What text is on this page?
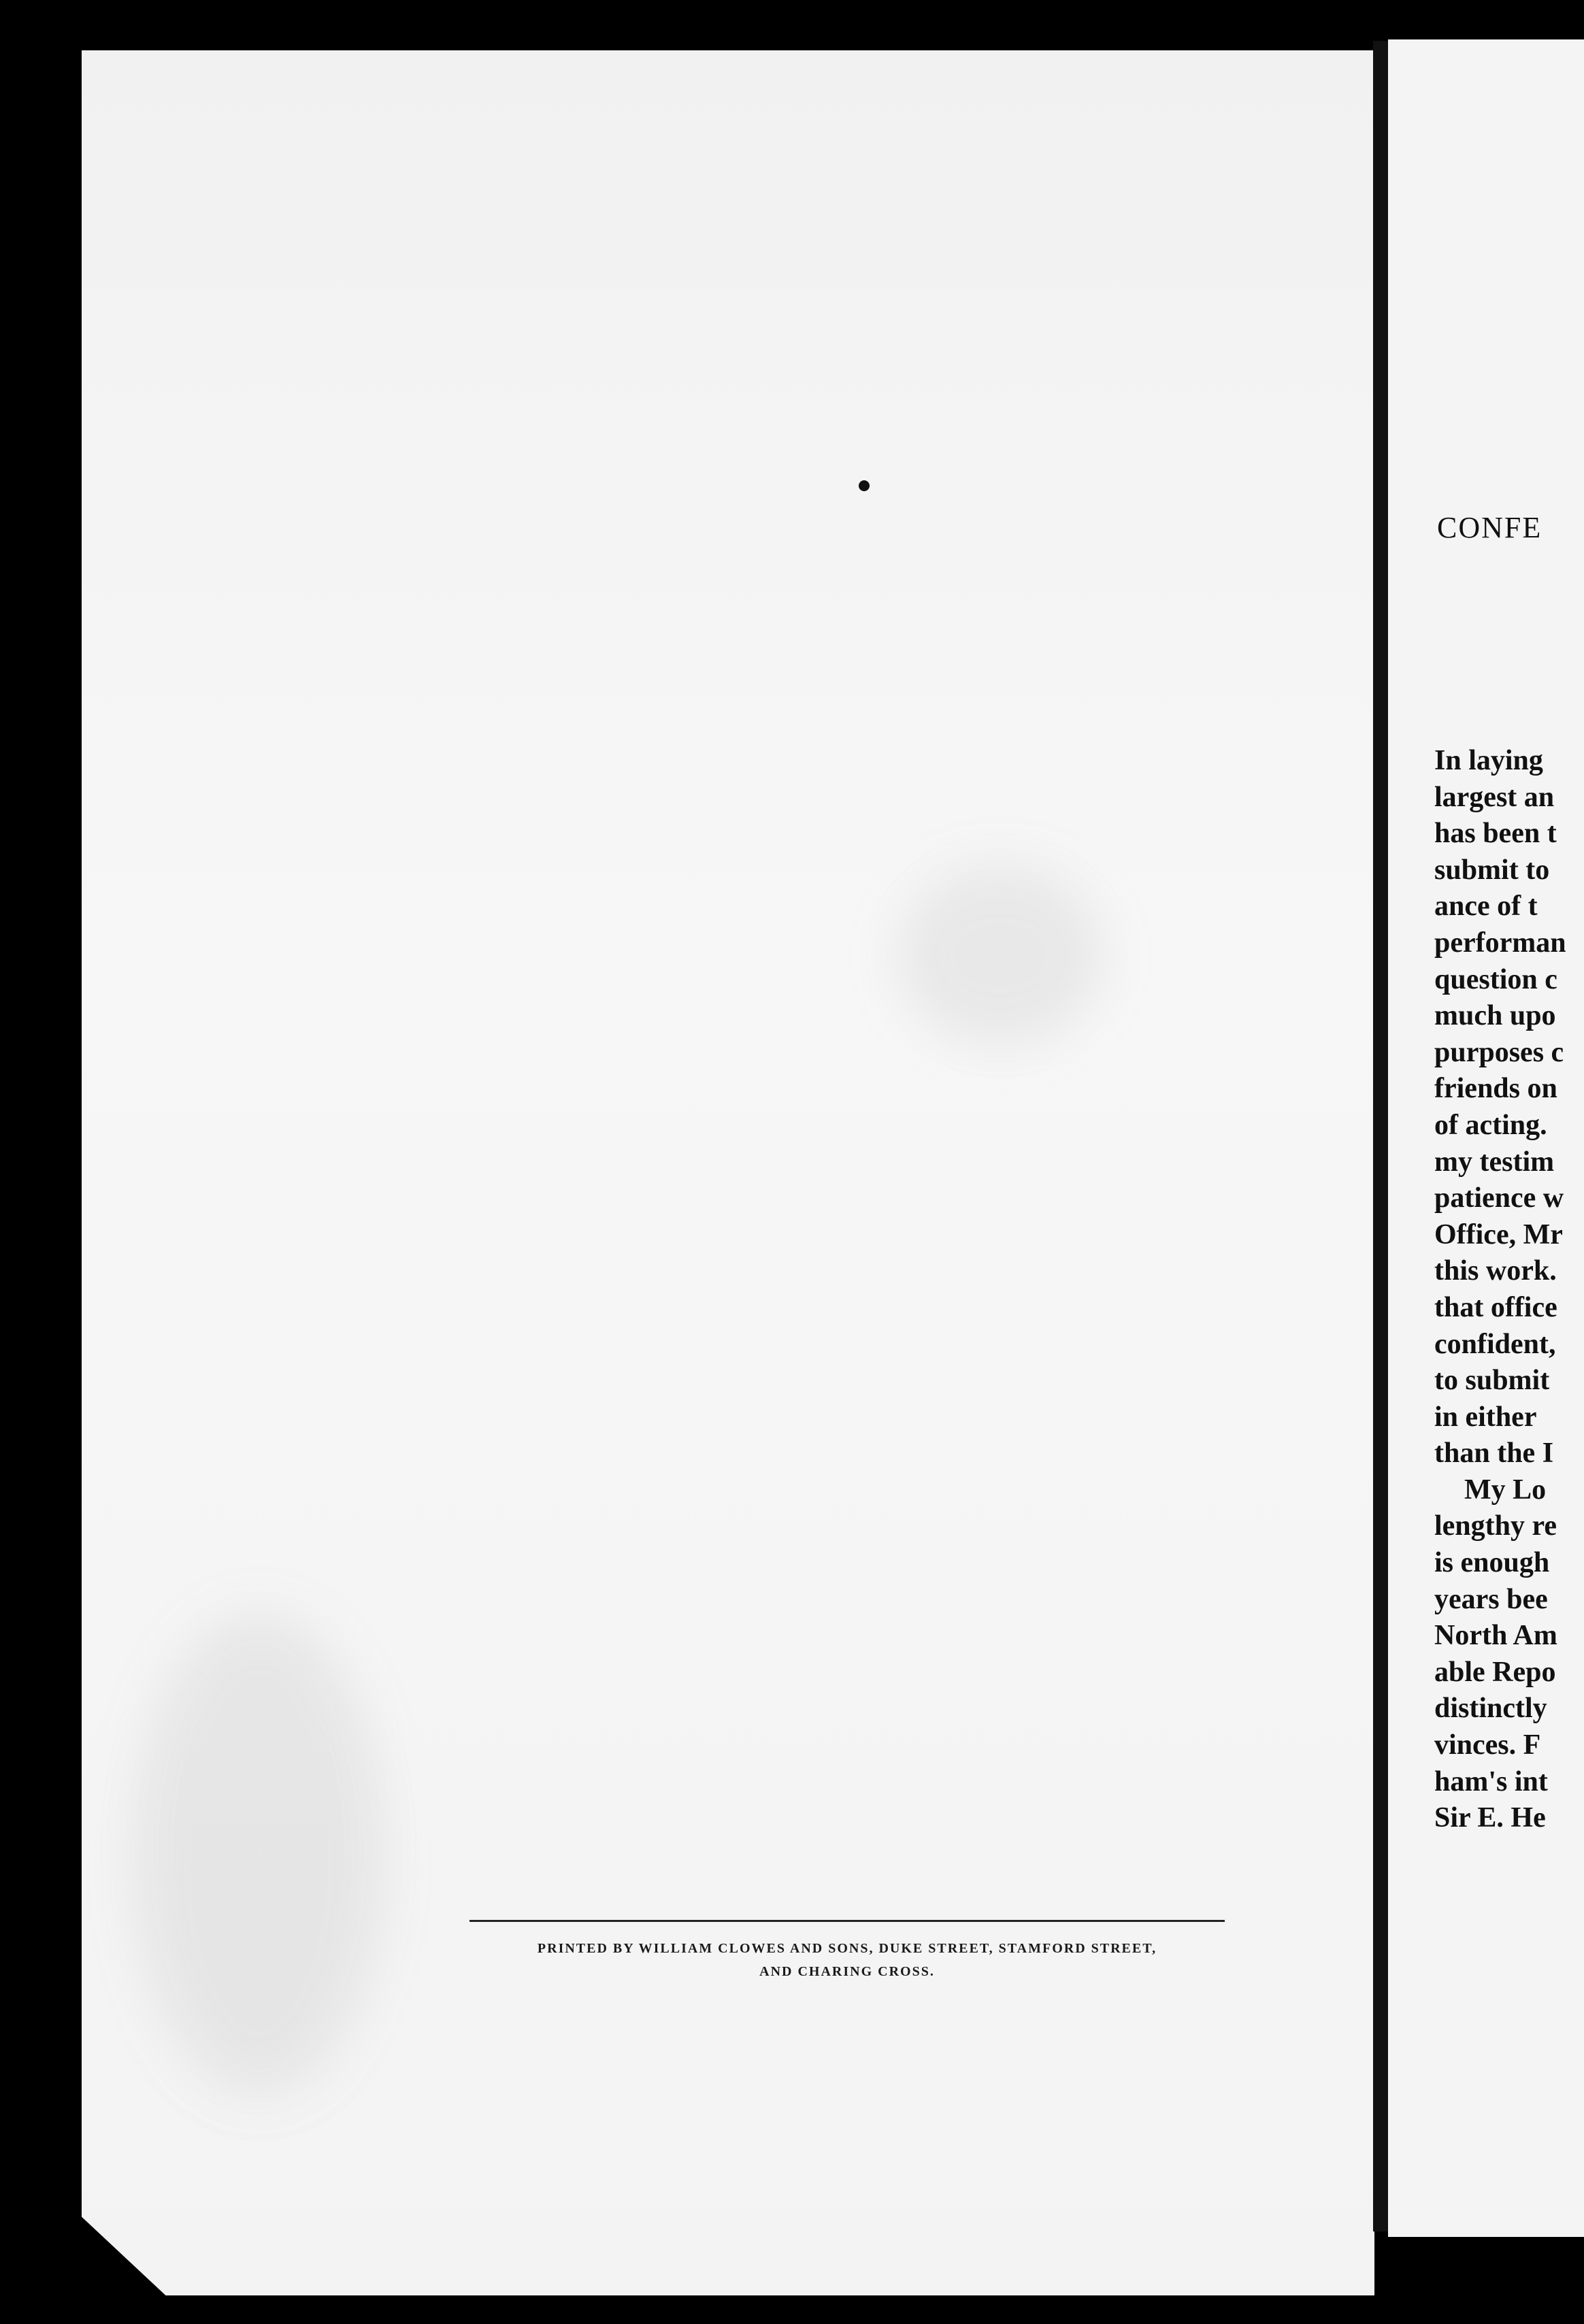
PRINTED BY WILLIAM CLOWES AND SONS, DUKE STREET, STAMFORD STREET,
AND CHARING CROSS.
CONFE
In laying
largest an
has been t
submit to
ance of t
performan
question c
much upo
purposes c
friends on
of acting.
my testim
patience w
Office, Mr
this work.
that office
confident,
to submit
in either
than the I
My Lo
lengthy re
is enough
years bee
North Am
able Repo
distinctly
vinces. F
ham's int
Sir E. He
